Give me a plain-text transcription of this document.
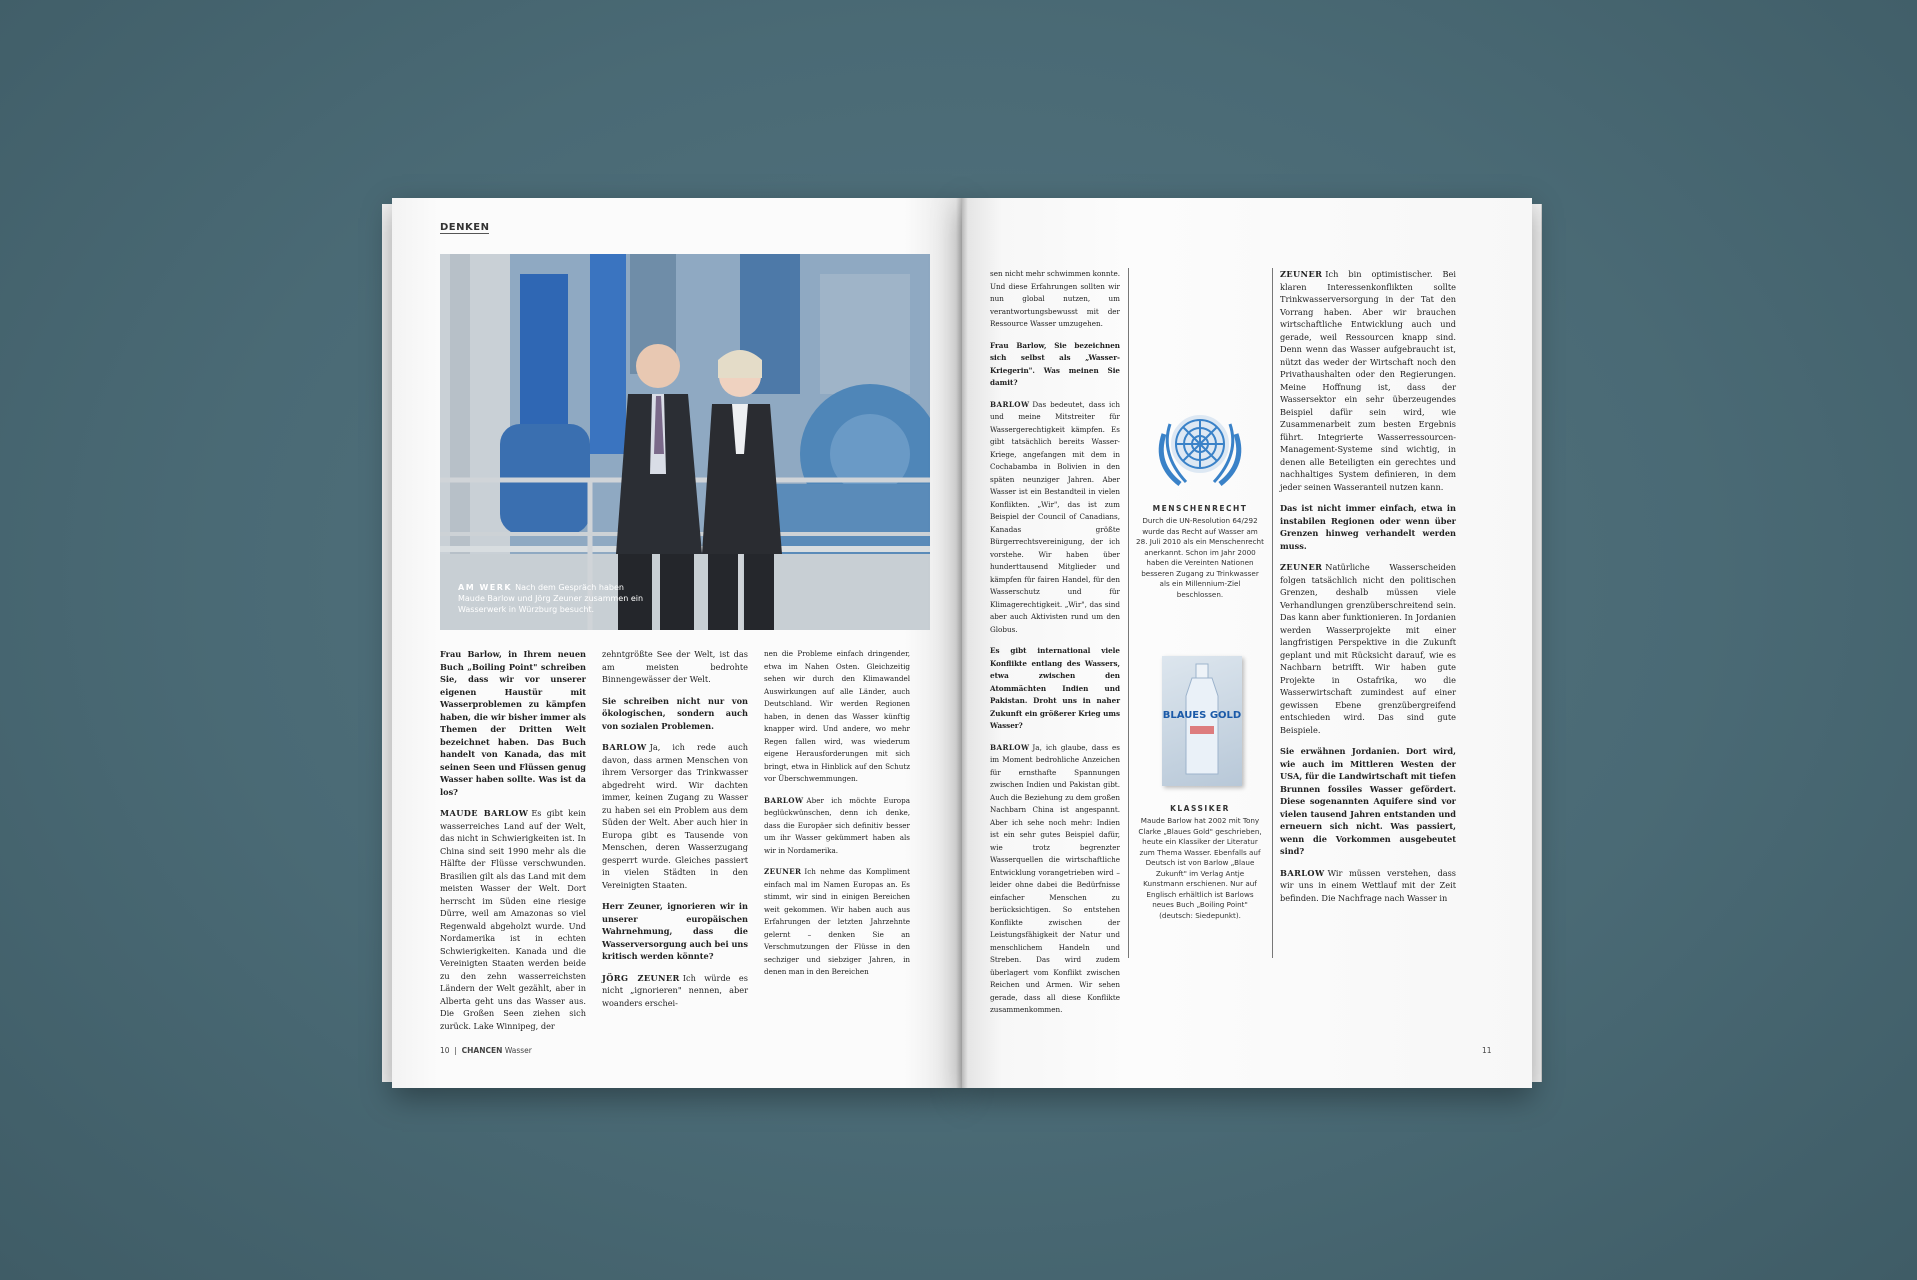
DENKEN
AM WERK Nach dem Gespräch haben Maude Barlow und Jörg Zeuner zusammen ein Wasserwerk in Würzburg besucht.

Frau Barlow, in Ihrem neuen Buch „Boiling Point" schreiben Sie, dass wir vor unserer eigenen Haustür mit Wasserproblemen zu kämpfen haben, die wir bisher immer als Themen der Dritten Welt bezeichnet haben. Das Buch handelt von Kanada, das mit seinen Seen und Flüssen genug Wasser haben sollte. Was ist da los?

MAUDE BARLOW Es gibt kein wasserreiches Land auf der Welt, das nicht in Schwierigkeiten ist. In China sind seit 1990 mehr als die Hälfte der Flüsse verschwunden. Brasilien gilt als das Land mit dem meisten Wasser der Welt. Dort herrscht im Süden eine riesige Dürre, weil am Amazonas so viel Regenwald abgeholzt wurde. Und Nordamerika ist in echten Schwierigkeiten. Kanada und die Vereinigten Staaten werden beide zu den zehn wasserreichsten Ländern der Welt gezählt, aber in Alberta geht uns das Wasser aus. Die Großen Seen ziehen sich zurück. Lake Winnipeg, der

zehntgrößte See der Welt, ist das am meisten bedrohte Binnengewässer der Welt.

Sie schreiben nicht nur von ökologischen, sondern auch von sozialen Problemen.

BARLOW Ja, ich rede auch davon, dass armen Menschen von ihrem Versorger das Trinkwasser abgedreht wird. Wir dachten immer, keinen Zugang zu Wasser zu haben sei ein Problem aus dem Süden der Welt. Aber auch hier in Europa gibt es Tausende von Menschen, deren Wasserzugang gesperrt wurde. Gleiches passiert in vielen Städten in den Vereinigten Staaten.

Herr Zeuner, ignorieren wir in unserer europäischen Wahrnehmung, dass die Wasserversorgung auch bei uns kritisch werden könnte?

JÖRG ZEUNER Ich würde es nicht „ignorieren" nennen, aber woanders erschei-

nen die Probleme einfach dringender, etwa im Nahen Osten. Gleichzeitig sehen wir durch den Klimawandel Auswirkungen auf alle Länder, auch Deutschland. Wir werden Regionen haben, in denen das Wasser künftig knapper wird. Und andere, wo mehr Regen fallen wird, was wiederum eigene Herausforderungen mit sich bringt, etwa in Hinblick auf den Schutz vor Überschwemmungen.

BARLOW Aber ich möchte Europa beglückwünschen, denn ich denke, dass die Europäer sich definitiv besser um ihr Wasser gekümmert haben als wir in Nordamerika.

ZEUNER Ich nehme das Kompliment einfach mal im Namen Europas an. Es stimmt, wir sind in einigen Bereichen weit gekommen. Wir haben auch aus Erfahrungen der letzten Jahrzehnte gelernt – denken Sie an Verschmutzungen der Flüsse in den sechziger und siebziger Jahren, in denen man in den Bereichen

10 | CHANCEN Wasser

sen nicht mehr schwimmen konnte. Und diese Erfahrungen sollten wir nun global nutzen, um verantwortungsbewusst mit der Ressource Wasser umzugehen.

Frau Barlow, Sie bezeichnen sich selbst als „Wasser-Kriegerin". Was meinen Sie damit?

BARLOW Das bedeutet, dass ich und meine Mitstreiter für Wassergerechtigkeit kämpfen. Es gibt tatsächlich bereits Wasser-Kriege, angefangen mit dem in Cochabamba in Bolivien in den späten neunziger Jahren. Aber Wasser ist ein Bestandteil in vielen Konflikten. „Wir", das ist zum Beispiel der Council of Canadians, Kanadas größte Bürgerrechtsvereinigung, der ich vorstehe. Wir haben über hunderttausend Mitglieder und kämpfen für fairen Handel, für den Wasserschutz und für Klimagerechtigkeit. „Wir", das sind aber auch Aktivisten rund um den Globus.

Es gibt international viele Konflikte entlang des Wassers, etwa zwischen den Atommächten Indien und Pakistan. Droht uns in naher Zukunft ein größerer Krieg ums Wasser?

BARLOW Ja, ich glaube, dass es im Moment bedrohliche Anzeichen für ernsthafte Spannungen zwischen Indien und Pakistan gibt. Auch die Beziehung zu dem großen Nachbarn China ist angespannt. Aber ich sehe noch mehr: Indien ist ein sehr gutes Beispiel dafür, wie trotz begrenzter Wasserquellen die wirtschaftliche Entwicklung vorangetrieben wird – leider ohne dabei die Bedürfnisse einfacher Menschen zu berücksichtigen. So entstehen Konflikte zwischen der Leistungsfähigkeit der Natur und menschlichem Handeln und Streben. Das wird zudem überlagert vom Konflikt zwischen Reichen und Armen. Wir sehen gerade, dass all diese Konflikte zusammenkommen.

MENSCHENRECHT
Durch die UN-Resolution 64/292 wurde das Recht auf Wasser am 28. Juli 2010 als ein Menschenrecht anerkannt. Schon im Jahr 2000 haben die Vereinten Nationen besseren Zugang zu Trinkwasser als ein Millennium-Ziel beschlossen.
BLAUES GOLD
KLASSIKER
Maude Barlow hat 2002 mit Tony Clarke „Blaues Gold" geschrieben, heute ein Klassiker der Literatur zum Thema Wasser. Ebenfalls auf Deutsch ist von Barlow „Blaue Zukunft" im Verlag Antje Kunstmann erschienen. Nur auf Englisch erhältlich ist Barlows neues Buch „Boiling Point" (deutsch: Siedepunkt).

ZEUNER Ich bin optimistischer. Bei klaren Interessenkonflikten sollte Trinkwasserversorgung in der Tat den Vorrang haben. Aber wir brauchen wirtschaftliche Entwicklung auch und gerade, weil Ressourcen knapp sind. Denn wenn das Wasser aufgebraucht ist, nützt das weder der Wirtschaft noch den Privathaushalten oder den Regierungen. Meine Hoffnung ist, dass der Wassersektor ein sehr überzeugendes Beispiel dafür sein wird, wie Zusammenarbeit zum besten Ergebnis führt. Integrierte Wasserressourcen-Management-Systeme sind wichtig, in denen alle Beteiligten ein gerechtes und nachhaltiges System definieren, in dem jeder seinen Wasseranteil nutzen kann.

Das ist nicht immer einfach, etwa in instabilen Regionen oder wenn über Grenzen hinweg verhandelt werden muss.

ZEUNER Natürliche Wasserscheiden folgen tatsächlich nicht den politischen Grenzen, deshalb müssen viele Verhandlungen grenzüberschreitend sein. Das kann aber funktionieren. In Jordanien werden Wasserprojekte mit einer langfristigen Perspektive in die Zukunft geplant und mit Rücksicht darauf, wie es Nachbarn betrifft. Wir haben gute Projekte in Ostafrika, wo die Wasserwirtschaft zumindest auf einer gewissen Ebene grenzübergreifend entschieden wird. Das sind gute Beispiele.

Sie erwähnen Jordanien. Dort wird, wie auch im Mittleren Westen der USA, für die Landwirtschaft mit tiefen Brunnen fossiles Wasser gefördert. Diese sogenannten Aquifere sind vor vielen tausend Jahren entstanden und erneuern sich nicht. Was passiert, wenn die Vorkommen ausgebeutet sind?

BARLOW Wir müssen verstehen, dass wir uns in einem Wettlauf mit der Zeit befinden. Die Nachfrage nach Wasser in

11
